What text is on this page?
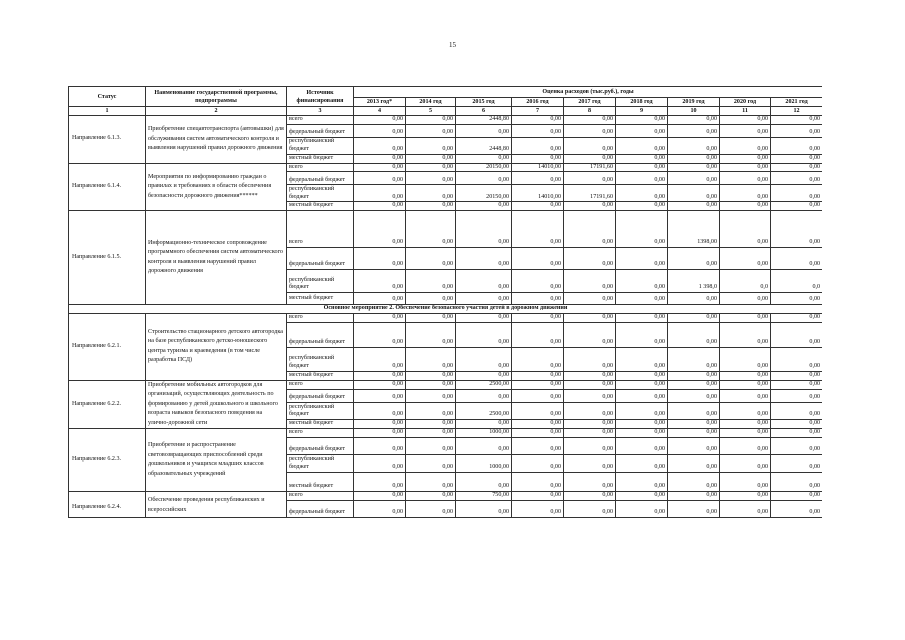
15
Статус	Наименование государственной программы, подпрограммы	Источник финансирования	Оценка расходов (тыс.руб.), годы								
			2013 год*	2014 год	2015 год	2016 год	2017 год	2018 год	2019 год	2020 год	2021 год
1	2	3	4	5	6	7	8	9	10	11	12
Направление 6.1.3.	Приобретение спецавтотранспорта (автовышки) для обслуживания систем автоматического контроля и выявления нарушений правил дорожного движения	всего	0,00	0,00	2448,80	0,00	0,00	0,00	0,00	0,00	0,00
		федеральный бюджет	0,00	0,00	0,00	0,00	0,00	0,00	0,00	0,00	0,00
		республиканский бюджет	0,00	0,00	2448,80	0,00	0,00	0,00	0,00	0,00	0,00
		местный бюджет	0,00	0,00	0,00	0,00	0,00	0,00	0,00	0,00	0,00
Направление 6.1.4.	Мероприятия по информированию граждан о правилах и требованиях в области обеспечения безопасности дорожного движения******	всего	0,00	0,00	20150,00	14010,00	17191,60	0,00	0,00	0,00	0,00
		федеральный бюджет	0,00	0,00	0,00	0,00	0,00	0,00	0,00	0,00	0,00
		республиканский бюджет	0,00	0,00	20150,00	14010,00	17191,60	0,00	0,00	0,00	0,00
		местный бюджет	0,00	0,00	0,00	0,00	0,00	0,00	0,00	0,00	0,00
Направление 6.1.5.	Информационно-техническое сопровождение программного обеспечения систем автоматического контроля и выявления нарушений правил дорожного движения	всего	0,00	0,00	0,00	0,00	0,00	0,00	1398,00	0,00	0,00
		федеральный бюджет	0,00	0,00	0,00	0,00	0,00	0,00	0,00	0,00	0,00
		республиканский бюджет	0,00	0,00	0,00	0,00	0,00	0,00	1 398,0	0,0	0,0
		местный бюджет	0,00	0,00	0,00	0,00	0,00	0,00	0,00	0,00	0,00
Основное мероприятие 2. Обеспечение безопасного участия детей в дорожном движении											
Направление 6.2.1.	Строительство стационарного детского автогородка на базе республиканского детско-юношеского центра туризма и краеведения (в том числе разработка ПСД)	всего	0,00	0,00	0,00	0,00	0,00	0,00	0,00	0,00	0,00
		федеральный бюджет	0,00	0,00	0,00	0,00	0,00	0,00	0,00	0,00	0,00
		республиканский бюджет	0,00	0,00	0,00	0,00	0,00	0,00	0,00	0,00	0,00
		местный бюджет	0,00	0,00	0,00	0,00	0,00	0,00	0,00	0,00	0,00
Направление 6.2.2.	Приобретение мобильных автогородков для организаций, осуществляющих деятельность по формированию у детей дошкольного и школьного возраста навыков безопасного поведения на улично-дорожной сети	всего	0,00	0,00	2500,00	0,00	0,00	0,00	0,00	0,00	0,00
		федеральный бюджет	0,00	0,00	0,00	0,00	0,00	0,00	0,00	0,00	0,00
		республиканский бюджет	0,00	0,00	2500,00	0,00	0,00	0,00	0,00	0,00	0,00
		местный бюджет	0,00	0,00	0,00	0,00	0,00	0,00	0,00	0,00	0,00
Направление 6.2.3.	Приобретение и распространение световозвращающих приспособлений среди дошкольников и учащихся младших классов образовательных учреждений	всего	0,00	0,00	1000,00	0,00	0,00	0,00	0,00	0,00	0,00
		федеральный бюджет	0,00	0,00	0,00	0,00	0,00	0,00	0,00	0,00	0,00
		республиканский бюджет	0,00	0,00	1000,00	0,00	0,00	0,00	0,00	0,00	0,00
		местный бюджет	0,00	0,00	0,00	0,00	0,00	0,00	0,00	0,00	0,00
Направление 6.2.4.	Обеспечение проведения республиканских и всероссийских	всего	0,00	0,00	750,00	0,00	0,00	0,00	0,00	0,00	0,00
		федеральный бюджет	0,00	0,00	0,00	0,00	0,00	0,00	0,00	0,00	0,00
